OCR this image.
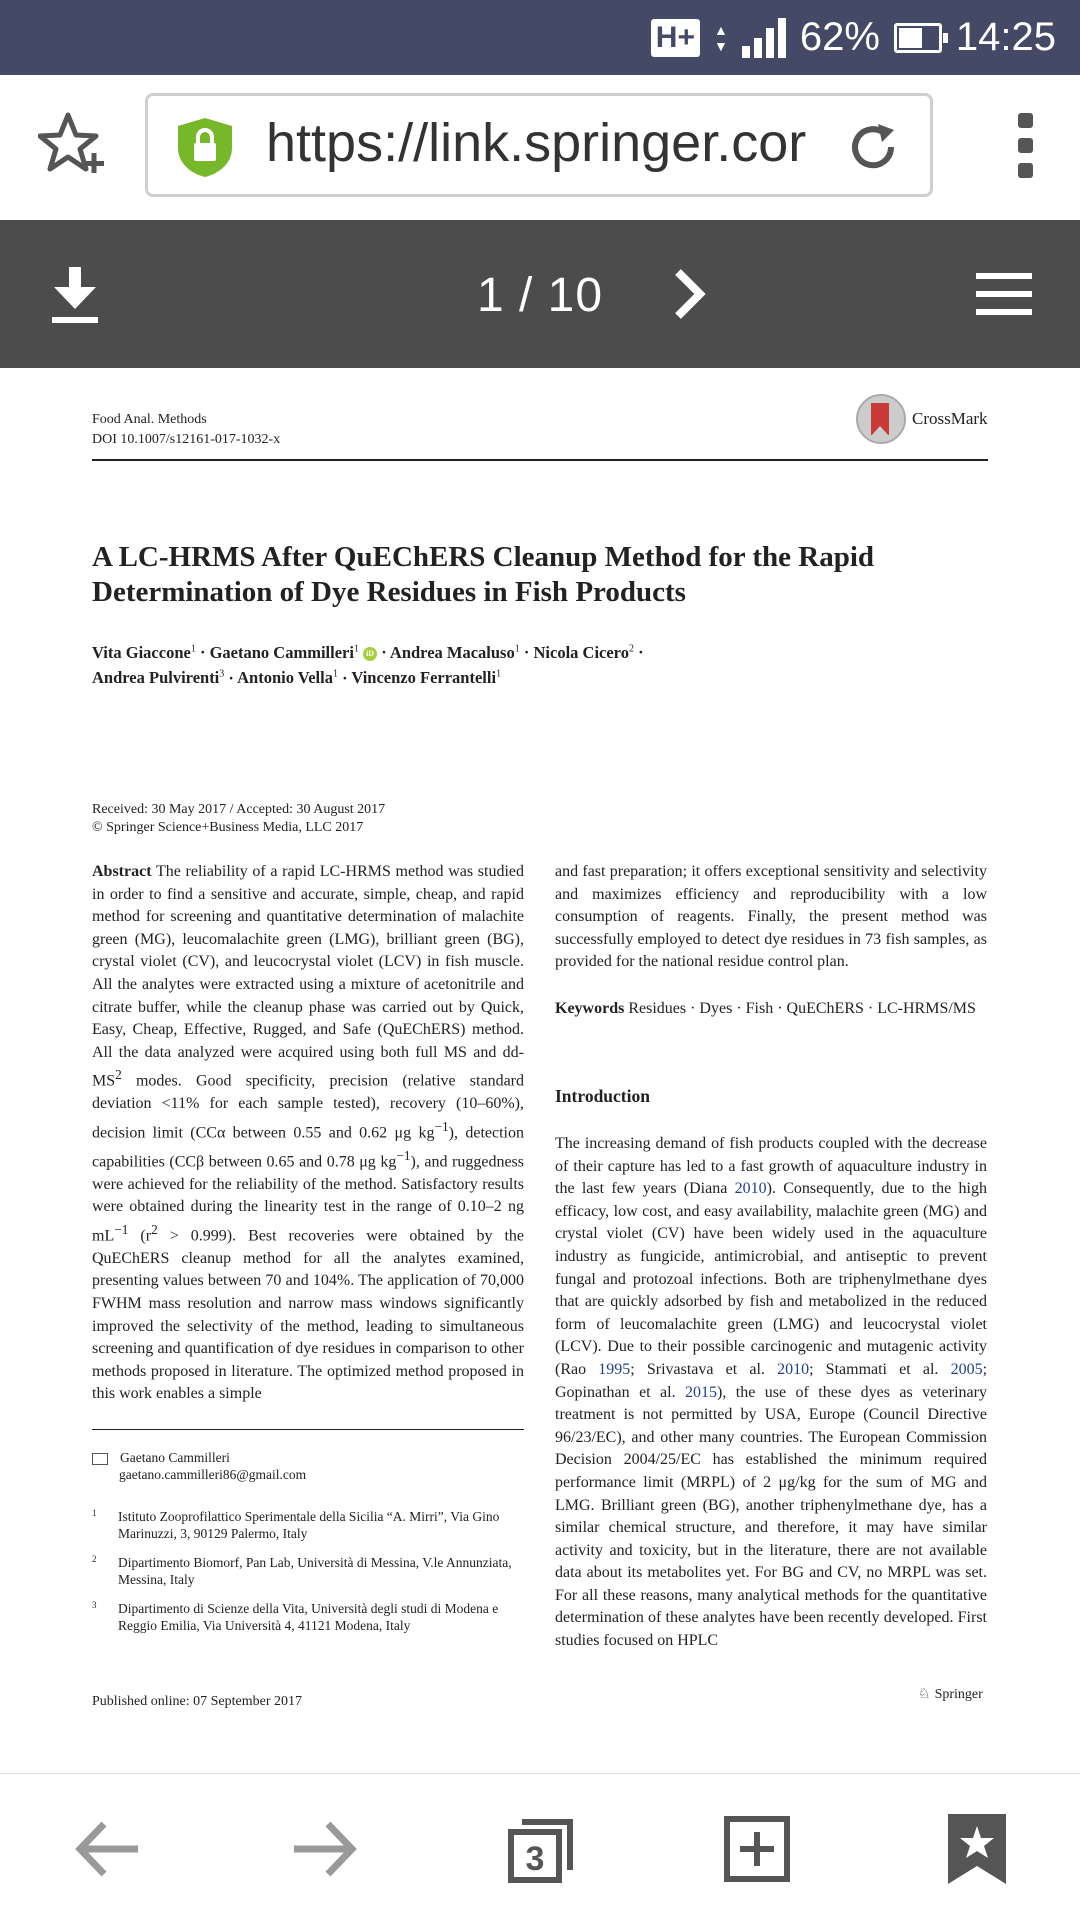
H+	▲
▼ 62% 14:25
https://link.springer.cor
1 / 10
Food Anal. Methods
DOI 10.1007/s12161-017-1032-x
CrossMark
A LC-HRMS After QuEChERS Cleanup Method for the Rapid Determination of Dye Residues in Fish Products
Vita Giaccone$^1$ · Gaetano Cammilleri$^1$ iD · Andrea Macaluso$^1$ · Nicola Cicero$^2$ ·
Andrea Pulvirenti$^3$ · Antonio Vella$^1$ · Vincenzo Ferrantelli$^1$
Received: 30 May 2017 / Accepted: 30 August 2017
© Springer Science+Business Media, LLC 2017

Abstract The reliability of a rapid LC-HRMS method was studied in order to find a sensitive and accurate, simple, cheap, and rapid method for screening and quantitative determination of malachite green (MG), leucomalachite green (LMG), brilliant green (BG), crystal violet (CV), and leucocrystal violet (LCV) in fish muscle. All the analytes were extracted using a mixture of acetonitrile and citrate buffer, while the cleanup phase was carried out by Quick, Easy, Cheap, Effective, Rugged, and Safe (QuEChERS) method. All the data analyzed were acquired using both full MS and $dd-MS^2$ modes. Good specificity, precision (relative standard deviation <11% for each sample tested), recovery (10–60%), decision limit (CCα between 0.55 and 0.62 μg $kg^{-1}$), detection capabilities (CCβ between 0.65 and 0.78 μg $kg^{-1}$), and ruggedness were achieved for the reliability of the method. Satisfactory results were obtained during the linearity test in the range of 0.10–2 ng $mL^{-1}$ $(r^2 > 0.999)$. Best recoveries were obtained by the QuEChERS cleanup method for all the analytes examined, presenting values between 70 and 104%. The application of 70,000 FWHM mass resolution and narrow mass windows significantly improved the selectivity of the method, leading to simultaneous screening and quantification of dye residues in comparison to other methods proposed in literature. The optimized method proposed in this work enables a simple

and fast preparation; it offers exceptional sensitivity and selectivity and maximizes efficiency and reproducibility with a low consumption of reagents. Finally, the present method was successfully employed to detect dye residues in 73 fish samples, as provided for the national residue control plan.
Keywords Residues · Dyes · Fish · QuEChERS · LC-HRMS/MS
Introduction
The increasing demand of fish products coupled with the decrease of their capture has led to a fast growth of aquaculture industry in the last few years (Diana 2010). Consequently, due to the high efficacy, low cost, and easy availability, malachite green (MG) and crystal violet (CV) have been widely used in the aquaculture industry as fungicide, antimicrobial, and antiseptic to prevent fungal and protozoal infections. Both are triphenylmethane dyes that are quickly adsorbed by fish and metabolized in the reduced form of leucomalachite green (LMG) and leucocrystal violet (LCV). Due to their possible carcinogenic and mutagenic activity (Rao 1995; Srivastava et al. 2010; Stammati et al. 2005; Gopinathan et al. 2015), the use of these dyes as veterinary treatment is not permitted by USA, Europe (Council Directive 96/23/EC), and other many countries. The European Commission Decision 2004/25/EC has established the minimum required performance limit (MRPL) of 2 μg/kg for the sum of MG and LMG. Brilliant green (BG), another triphenylmethane dye, has a similar chemical structure, and therefore, it may have similar activity and toxicity, but in the literature, there are not available data about its metabolites yet. For BG and CV, no MRPL was set. For all these reasons, many analytical methods for the quantitative determination of these analytes have been recently developed. First studies focused on HPLC
Gaetano Cammilleri
gaetano.cammilleri86@gmail.com
1 Istituto Zooprofilattico Sperimentale della Sicilia “A. Mirri”, Via Gino Marinuzzi, 3, 90129 Palermo, Italy
2 Dipartimento Biomorf, Pan Lab, Università di Messina, V.le Annunziata, Messina, Italy
3 Dipartimento di Scienze della Vita, Università degli studi di Modena e Reggio Emilia, Via Università 4, 41121 Modena, Italy
Published online: 07 September 2017	♘ Springer
3
